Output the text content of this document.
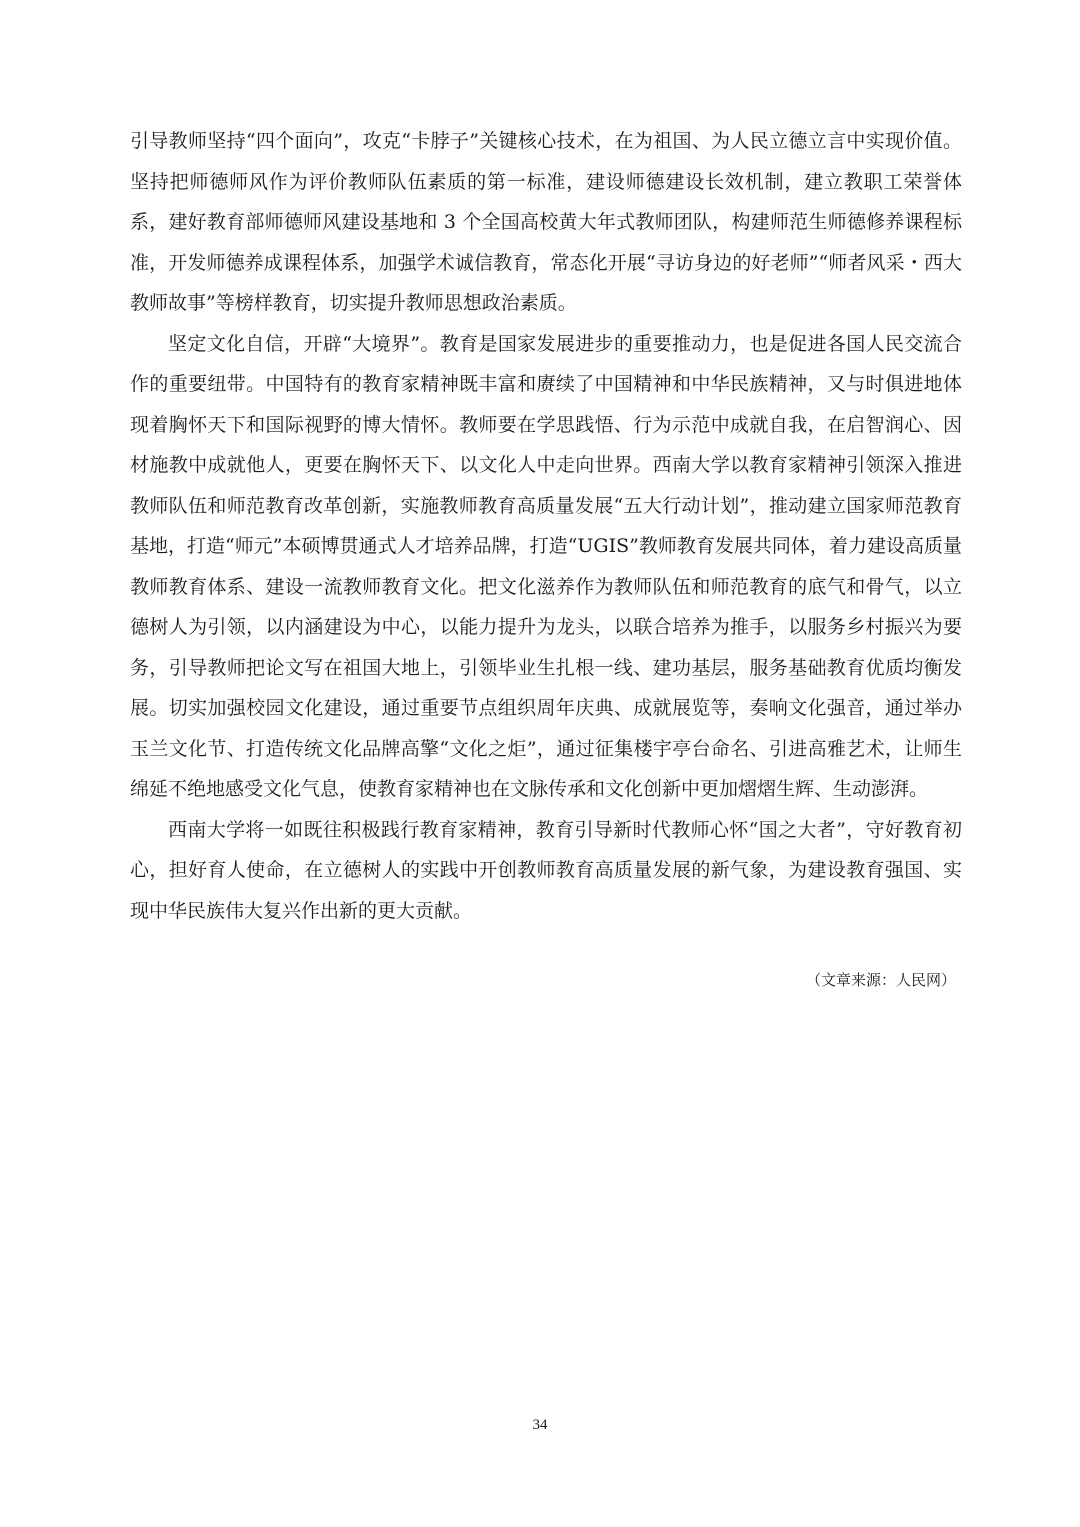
引导教师坚持“四个面向”，攻克“卡脖子”关键核心技术，在为祖国、为人民立德立言中实现价值。坚持把师德师风作为评价教师队伍素质的第一标准，建设师德建设长效机制，建立教职工荣誉体系，建好教育部师德师风建设基地和 3 个全国高校黄大年式教师团队，构建师范生师德修养课程标准，开发师德养成课程体系，加强学术诚信教育，常态化开展“寻访身边的好老师”“师者风采・西大教师故事”等榜样教育，切实提升教师思想政治素质。

坚定文化自信，开辟“大境界”。教育是国家发展进步的重要推动力，也是促进各国人民交流合作的重要纽带。中国特有的教育家精神既丰富和赓续了中国精神和中华民族精神，又与时俱进地体现着胸怀天下和国际视野的博大情怀。教师要在学思践悟、行为示范中成就自我，在启智润心、因材施教中成就他人，更要在胸怀天下、以文化人中走向世界。西南大学以教育家精神引领深入推进教师队伍和师范教育改革创新，实施教师教育高质量发展“五大行动计划”，推动建立国家师范教育基地，打造“师元”本硕博贯通式人才培养品牌，打造“UGIS”教师教育发展共同体，着力建设高质量教师教育体系、建设一流教师教育文化。把文化滋养作为教师队伍和师范教育的底气和骨气，以立德树人为引领，以内涵建设为中心，以能力提升为龙头，以联合培养为推手，以服务乡村振兴为要务，引导教师把论文写在祖国大地上，引领毕业生扎根一线、建功基层，服务基础教育优质均衡发展。切实加强校园文化建设，通过重要节点组织周年庆典、成就展览等，奏响文化强音，通过举办玉兰文化节、打造传统文化品牌高擎“文化之炬”，通过征集楼宇亭台命名、引进高雅艺术，让师生绵延不绝地感受文化气息，使教育家精神也在文脉传承和文化创新中更加熠熠生辉、生动澎湃。

西南大学将一如既往积极践行教育家精神，教育引导新时代教师心怀“国之大者”，守好教育初心，担好育人使命，在立德树人的实践中开创教师教育高质量发展的新气象，为建设教育强国、实现中华民族伟大复兴作出新的更大贡献。

（文章来源：人民网）
34
